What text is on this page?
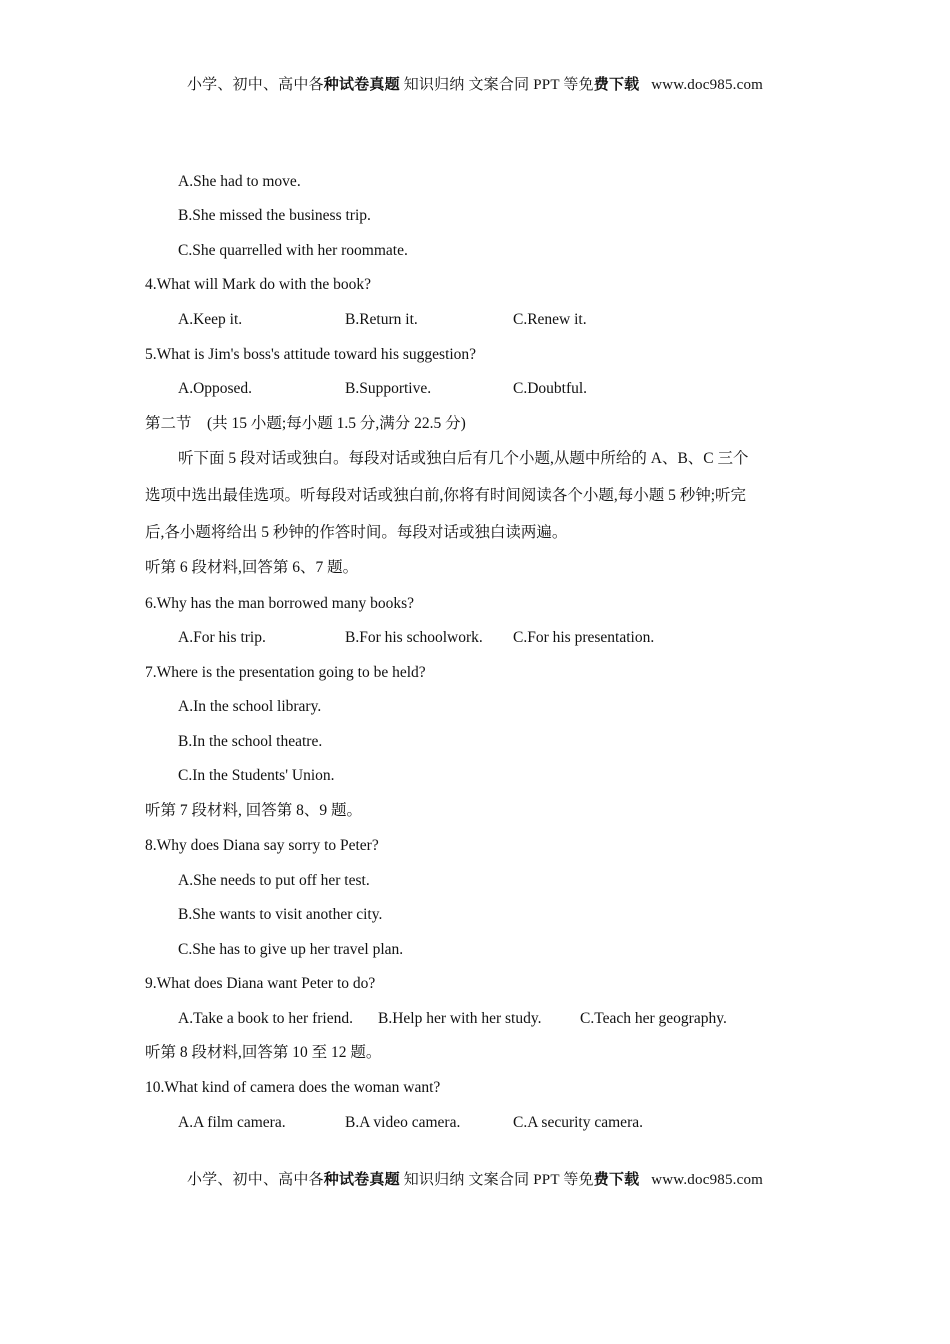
小学、初中、高中各种试卷真题 知识归纳 文案合同 PPT 等免费下载 www.doc985.com
A.She had to move.
B.She missed the business trip.
C.She quarrelled with her roommate.
4.What will Mark do with the book?
A.Keep it.	B.Return it.	C.Renew it.
5.What is Jim's boss's attitude toward his suggestion?
A.Opposed.	B.Supportive.	C.Doubtful.
第二节　(共 15 小题;每小题 1.5 分,满分 22.5 分)
听下面 5 段对话或独白。每段对话或独白后有几个小题,从题中所给的 A、B、C 三个
选项中选出最佳选项。听每段对话或独白前,你将有时间阅读各个小题,每小题 5 秒钟;听完
后,各小题将给出 5 秒钟的作答时间。每段对话或独白读两遍。
听第 6 段材料,回答第 6、7 题。
6.Why has the man borrowed many books?
A.For his trip.	B.For his schoolwork. C.For his presentation.
7.Where is the presentation going to be held?
A.In the school library.
B.In the school theatre.
C.In the Students' Union.
听第 7 段材料, 回答第 8、9 题。
8.Why does Diana say sorry to Peter?
A.She needs to put off her test.
B.She wants to visit another city.
C.She has to give up her travel plan.
9.What does Diana want Peter to do?
A.Take a book to her friend. B.Help her with her study. C.Teach her geography.
听第 8 段材料,回答第 10 至 12 题。
10.What kind of camera does the woman want?
A.A film camera.	B.A video camera.	C.A security camera.
小学、初中、高中各种试卷真题 知识归纳 文案合同 PPT 等免费下载 www.doc985.com
